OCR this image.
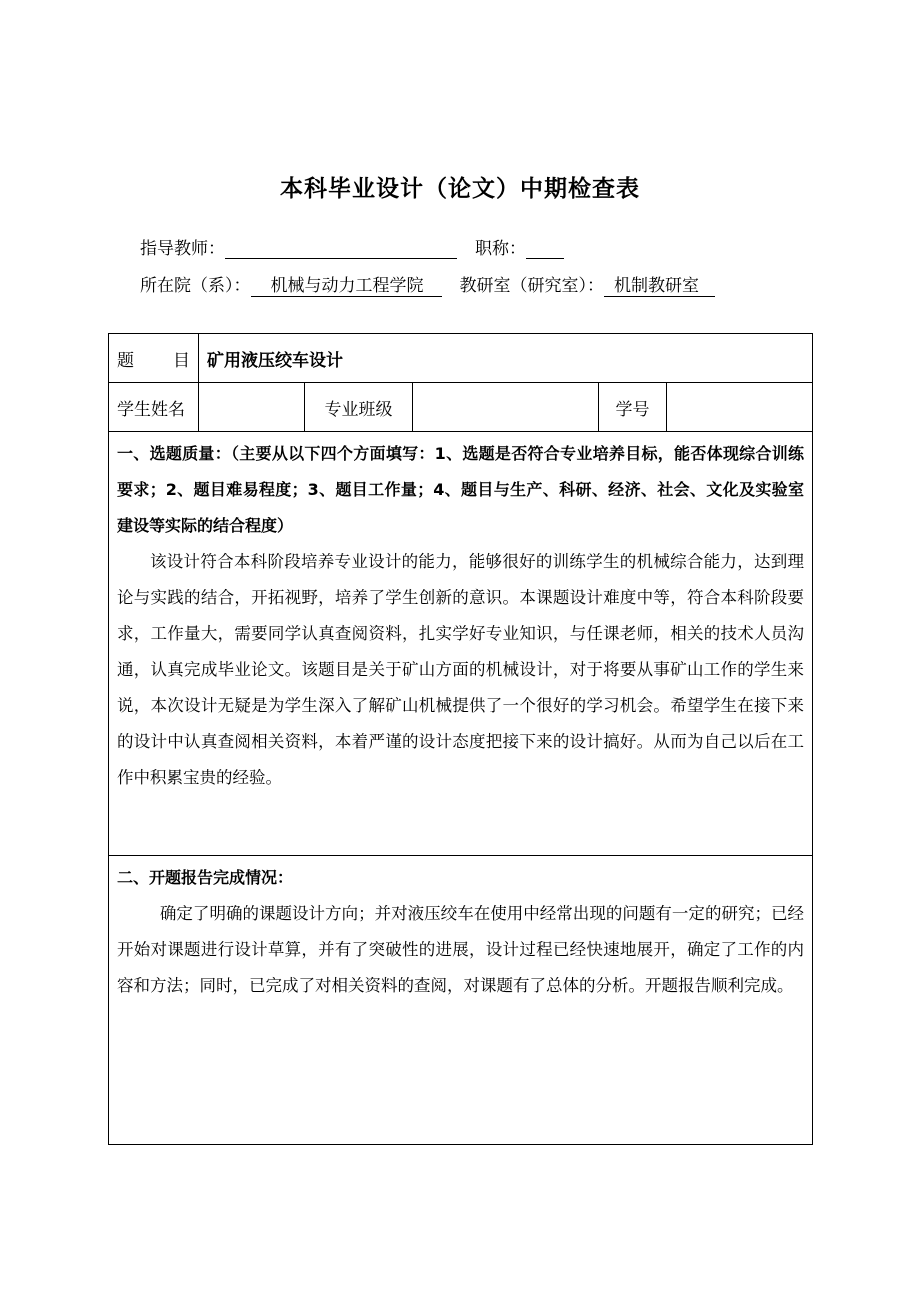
本科毕业设计（论文）中期检查表
指导教师：	职称：
所在院（系）： 机械与动力工程学院 教研室（研究室）： 机制教研室
题目	矿用液压绞车设计				
学生姓名		专业班级		学号	

一、选题质量：（主要从以下四个方面填写：1、选题是否符合专业培养目标，能否体现综合训练要求；2、题目难易程度；3、题目工作量；4、题目与生产、科研、经济、社会、文化及实验室建设等实际的结合程度）

该设计符合本科阶段培养专业设计的能力，能够很好的训练学生的机械综合能力，达到理论与实践的结合，开拓视野，培养了学生创新的意识。本课题设计难度中等，符合本科阶段要求，工作量大，需要同学认真查阅资料，扎实学好专业知识，与任课老师，相关的技术人员沟通，认真完成毕业论文。该题目是关于矿山方面的机械设计，对于将要从事矿山工作的学生来说，本次设计无疑是为学生深入了解矿山机械提供了一个很好的学习机会。希望学生在接下来的设计中认真查阅相关资料，本着严谨的设计态度把接下来的设计搞好。从而为自己以后在工作中积累宝贵的经验。					

二、开题报告完成情况：

确定了明确的课题设计方向；并对液压绞车在使用中经常出现的问题有一定的研究；已经开始对课题进行设计草算，并有了突破性的进展，设计过程已经快速地展开，确定了工作的内容和方法；同时，已完成了对相关资料的查阅，对课题有了总体的分析。开题报告顺利完成。					
